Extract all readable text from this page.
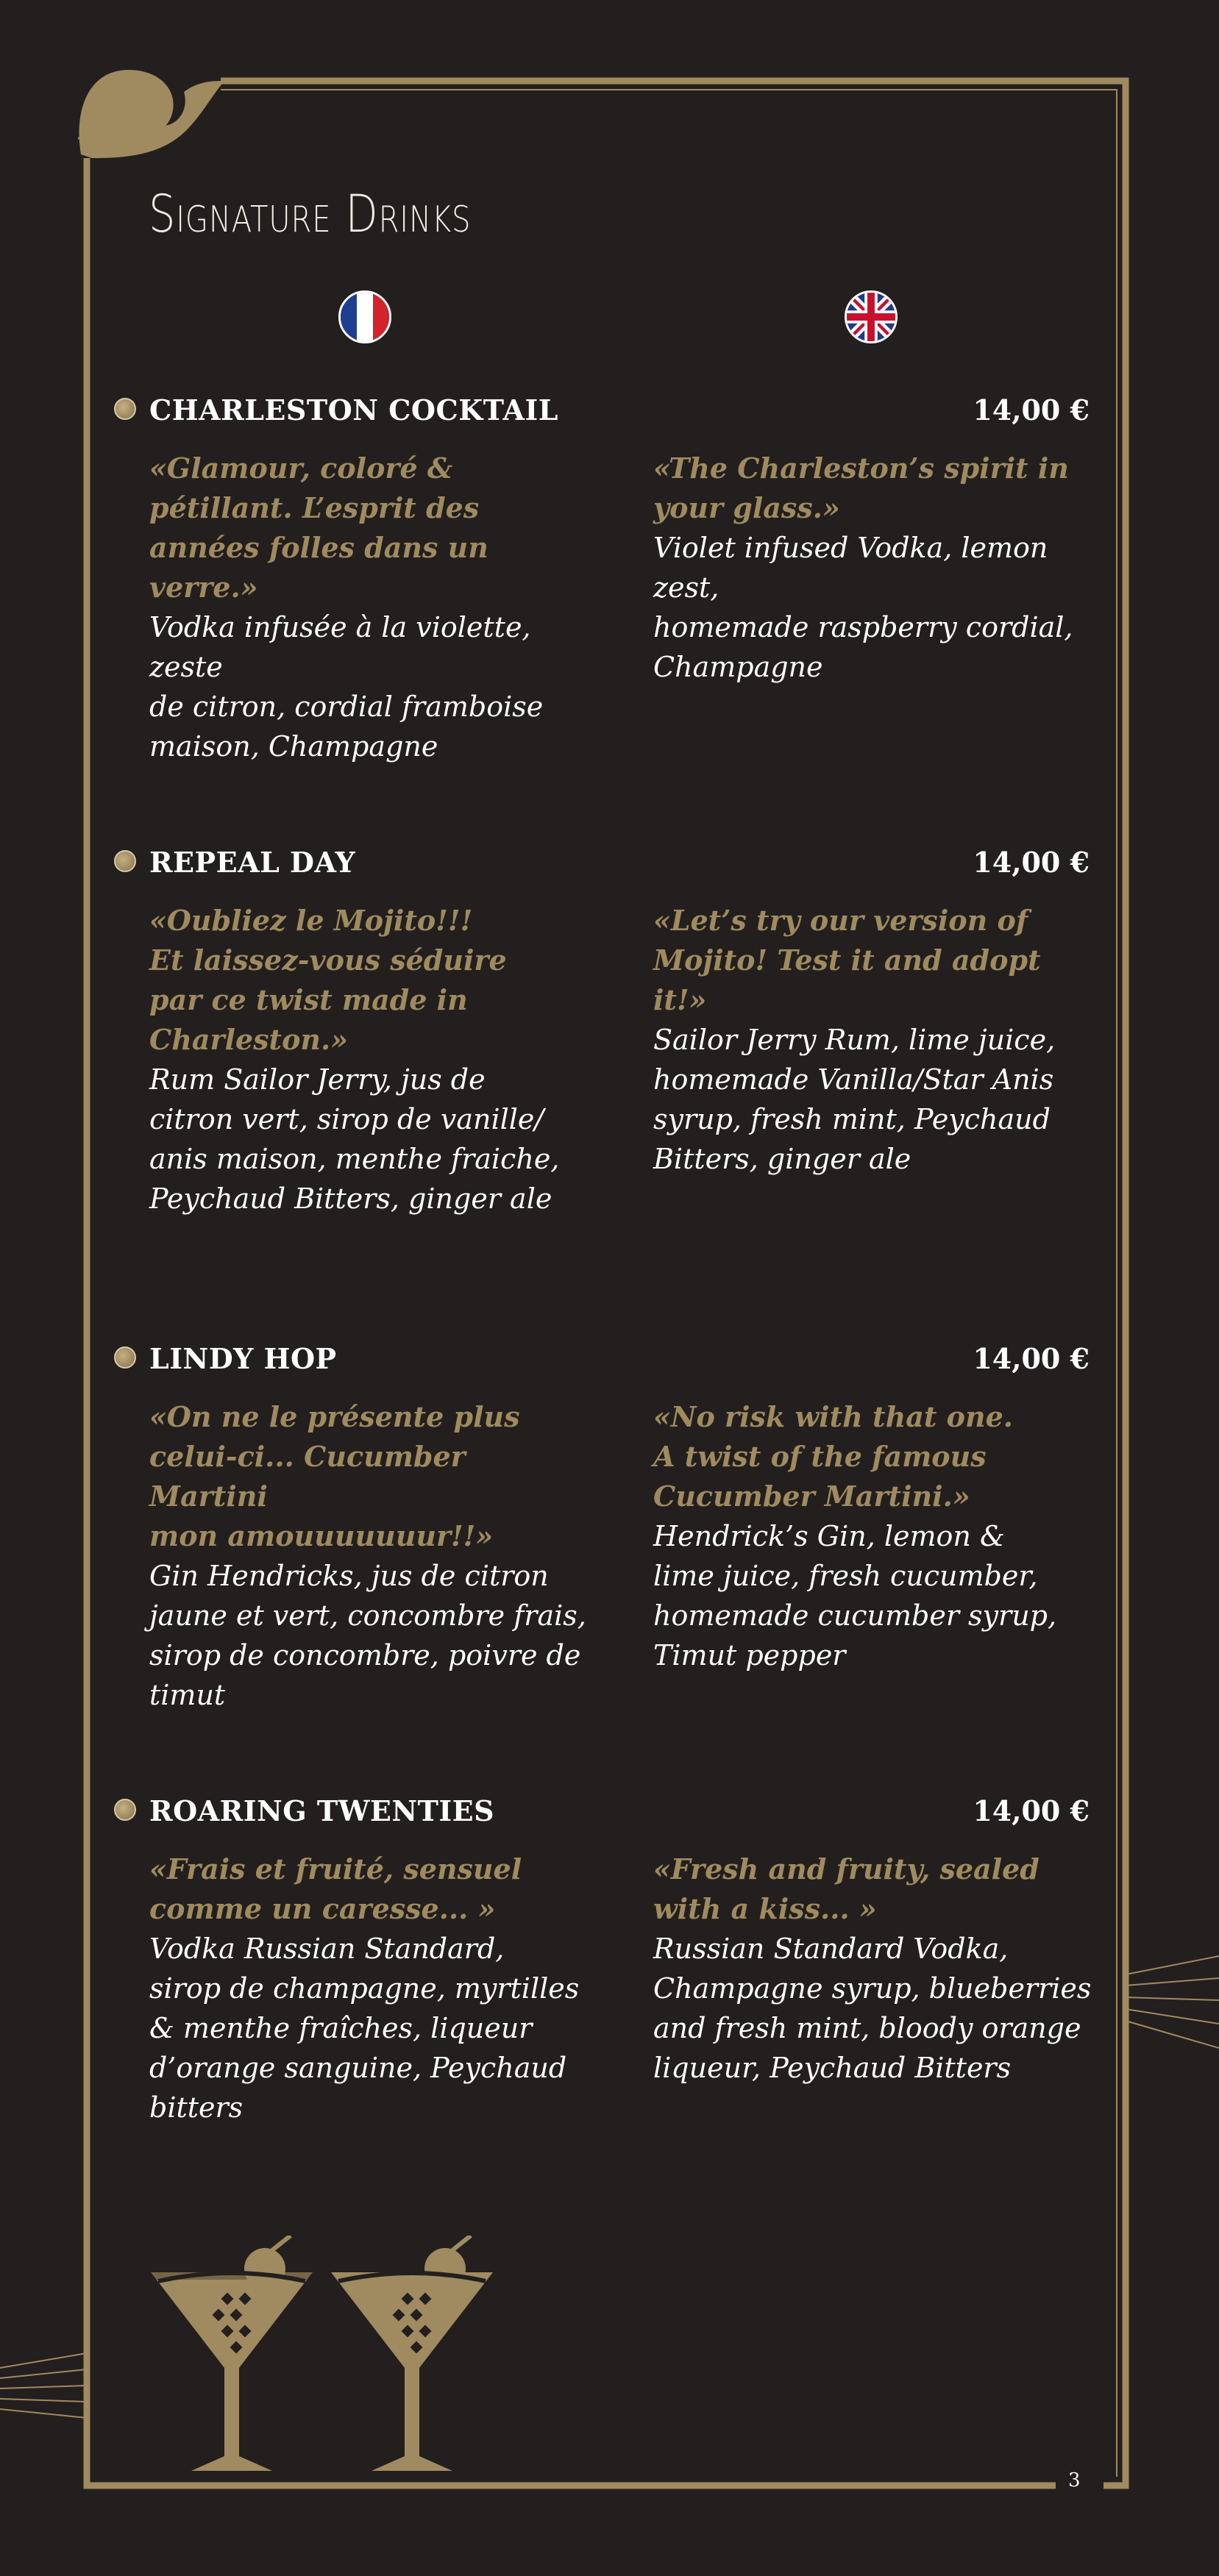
Signature Drinks
CHARLESTON COCKTAIL	14,00 €
«Glamour, coloré &
pétillant. L’esprit des
années folles dans un
verre.»
Vodka infusée à la violette, zeste
de citron, cordial framboise
maison, Champagne
«The Charleston’s spirit in
your glass.»
Violet infused Vodka, lemon zest,
homemade raspberry cordial,
Champagne
REPEAL DAY	14,00 €
«Oubliez le Mojito!!!
Et laissez-vous séduire
par ce twist made in
Charleston.»
Rum Sailor Jerry, jus de
citron vert, sirop de vanille/
anis maison, menthe fraiche,
Peychaud Bitters, ginger ale
«Let’s try our version of
Mojito! Test it and adopt it!»
Sailor Jerry Rum, lime juice,
homemade Vanilla/Star Anis
syrup, fresh mint, Peychaud
Bitters, ginger ale
LINDY HOP	14,00 €
«On ne le présente plus
celui-ci... Cucumber Martini
mon amouuuuuuur!!»
Gin Hendricks, jus de citron
jaune et vert, concombre frais,
sirop de concombre, poivre de
timut
«No risk with that one.
A twist of the famous
Cucumber Martini.»
Hendrick’s Gin, lemon &
lime juice, fresh cucumber,
homemade cucumber syrup,
Timut pepper
ROARING TWENTIES	14,00 €
«Frais et fruité, sensuel
comme un caresse... »
Vodka Russian Standard,
sirop de champagne, myrtilles
& menthe fraîches, liqueur
d’orange sanguine, Peychaud
bitters
«Fresh and fruity, sealed
with a kiss... »
Russian Standard Vodka,
Champagne syrup, blueberries
and fresh mint, bloody orange
liqueur, Peychaud Bitters
3
